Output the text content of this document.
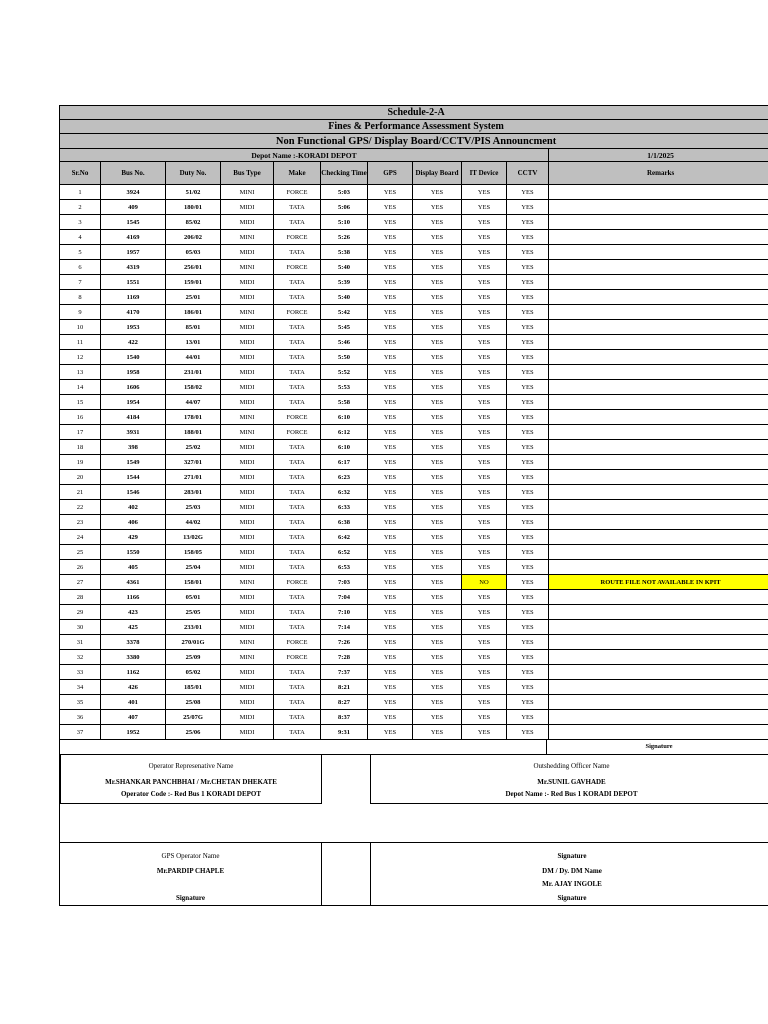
Schedule-2-A										
Fines & Performance Assessment System										
Non Functional GPS/ Display Board/CCTV/PIS Announcment										
Depot Name :-KORADI DEPOT										1/1/2025
Sr.No	Bus No.	Duty No.	Bus Type	Make	Checking Time	GPS	Display Board	IT Device	CCTV	Remarks
1	3924	51/02	MINI	FORCE	5:03	YES	YES	YES	YES	
2	409	180/01	MIDI	TATA	5:06	YES	YES	YES	YES	
3	1545	85/02	MIDI	TATA	5:10	YES	YES	YES	YES	
4	4169	206/02	MINI	FORCE	5:26	YES	YES	YES	YES	
5	1957	05/03	MIDI	TATA	5:38	YES	YES	YES	YES	
6	4319	256/01	MINI	FORCE	5:40	YES	YES	YES	YES	
7	1551	159/01	MIDI	TATA	5:39	YES	YES	YES	YES	
8	1169	25/01	MIDI	TATA	5:40	YES	YES	YES	YES	
9	4170	186/01	MINI	FORCE	5:42	YES	YES	YES	YES	
10	1953	85/01	MIDI	TATA	5:45	YES	YES	YES	YES	
11	422	13/01	MIDI	TATA	5:46	YES	YES	YES	YES	
12	1540	44/01	MIDI	TATA	5:50	YES	YES	YES	YES	
13	1958	231/01	MIDI	TATA	5:52	YES	YES	YES	YES	
14	1606	158/02	MIDI	TATA	5:53	YES	YES	YES	YES	
15	1954	44/07	MIDI	TATA	5:58	YES	YES	YES	YES	
16	4184	178/01	MINI	FORCE	6:10	YES	YES	YES	YES	
17	3931	188/01	MINI	FORCE	6:12	YES	YES	YES	YES	
18	398	25/02	MIDI	TATA	6:10	YES	YES	YES	YES	
19	1549	327/01	MIDI	TATA	6:17	YES	YES	YES	YES	
20	1544	271/01	MIDI	TATA	6:23	YES	YES	YES	YES	
21	1546	283/01	MIDI	TATA	6:32	YES	YES	YES	YES	
22	402	25/03	MIDI	TATA	6:33	YES	YES	YES	YES	
23	406	44/02	MIDI	TATA	6:38	YES	YES	YES	YES	
24	429	13/02G	MIDI	TATA	6:42	YES	YES	YES	YES	
25	1550	158/05	MIDI	TATA	6:52	YES	YES	YES	YES	
26	405	25/04	MIDI	TATA	6:53	YES	YES	YES	YES	
27	4361	158/01	MINI	FORCE	7:03	YES	YES	NO	YES	ROUTE FILE NOT AVAILABLE IN KPIT
28	1166	05/01	MIDI	TATA	7:04	YES	YES	YES	YES	
29	423	25/05	MIDI	TATA	7:10	YES	YES	YES	YES	
30	425	233/01	MIDI	TATA	7:14	YES	YES	YES	YES	
31	3378	270/01G	MINI	FORCE	7:26	YES	YES	YES	YES	
32	3380	25/09	MINI	FORCE	7:28	YES	YES	YES	YES	
33	1162	05/02	MIDI	TATA	7:37	YES	YES	YES	YES	
34	426	185/01	MIDI	TATA	8:21	YES	YES	YES	YES	
35	401	25/08	MIDI	TATA	8:27	YES	YES	YES	YES	
36	407	25/07G	MIDI	TATA	8:37	YES	YES	YES	YES	
37	1952	25/06	MIDI	TATA	9:31	YES	YES	YES	YES	
Signature
Operator Represenative Name
Mr.SHANKAR PANCHBHAI / Mr.CHETAN DHEKATE
Operator Code :- Red Bus 1 KORADI DEPOT
Outshedding Officer Name
Mr.SUNIL GAVHADE
Depot Name :- Red Bus 1 KORADI DEPOT
GPS Operator Name
Mr.PARDIP CHAPLE
Signature
Signature
DM / Dy. DM Name
Mr. AJAY INGOLE
Signature
